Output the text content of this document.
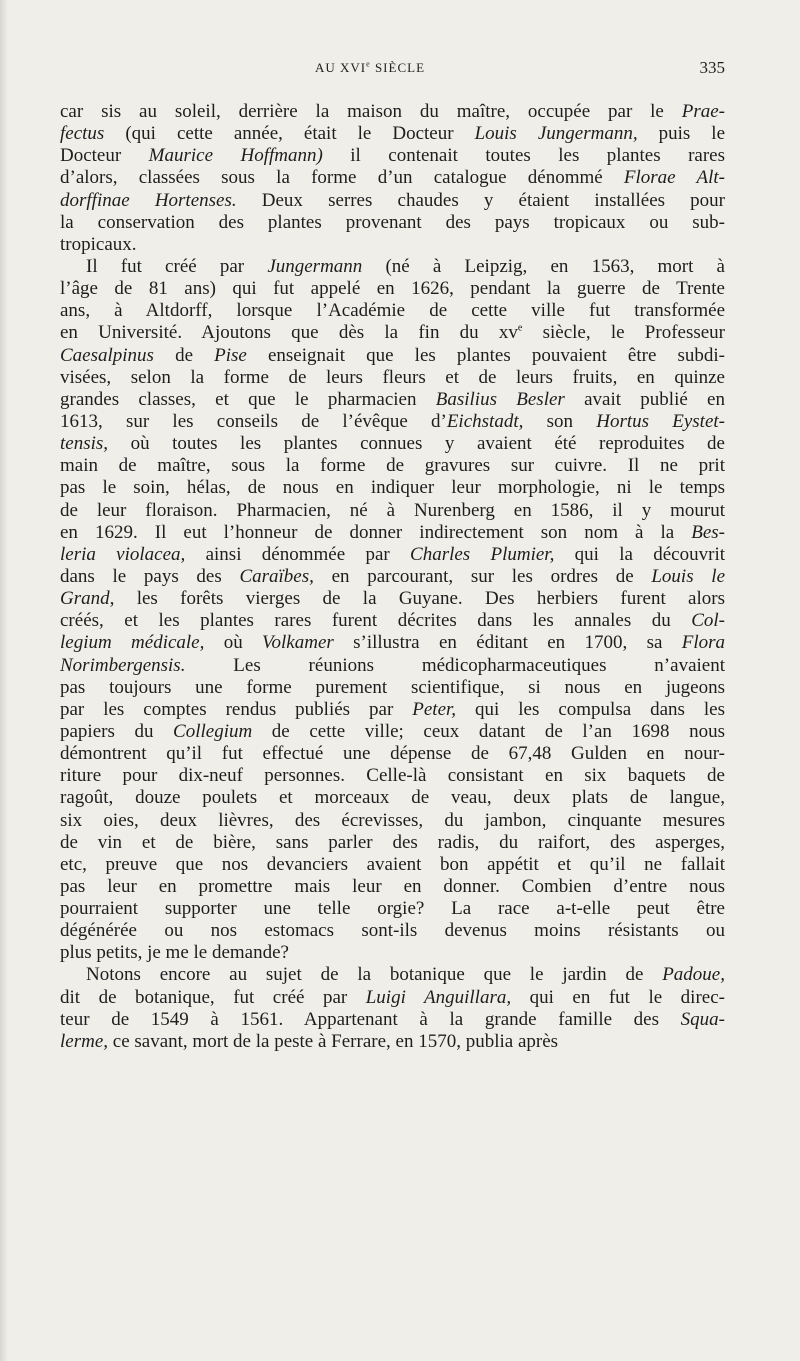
AU XVIe SIÈCLE	335
car sis au soleil, derrière la maison du maître, occupée par le Prae-
fectus (qui cette année, était le Docteur Louis Jungermann, puis le
Docteur Maurice Hoffmann) il contenait toutes les plantes rares
d’alors, classées sous la forme d’un catalogue dénommé Florae Alt-
dorffinae Hortenses. Deux serres chaudes y étaient installées pour
la conservation des plantes provenant des pays tropicaux ou sub-
tropicaux.
Il fut créé par Jungermann (né à Leipzig, en 1563, mort à
l’âge de 81 ans) qui fut appelé en 1626, pendant la guerre de Trente
ans, à Altdorff, lorsque l’Académie de cette ville fut transformée
en Université. Ajoutons que dès la fin du $xv^e$ siècle, le Professeur
Caesalpinus de Pise enseignait que les plantes pouvaient être subdi-
visées, selon la forme de leurs fleurs et de leurs fruits, en quinze
grandes classes, et que le pharmacien Basilius Besler avait publié en
1613, sur les conseils de l’évêque d’Eichstadt, son Hortus Eystet-
tensis, où toutes les plantes connues y avaient été reproduites de
main de maître, sous la forme de gravures sur cuivre. Il ne prit
pas le soin, hélas, de nous en indiquer leur morphologie, ni le temps
de leur floraison. Pharmacien, né à Nurenberg en 1586, il y mourut
en 1629. Il eut l’honneur de donner indirectement son nom à la Bes-
leria violacea, ainsi dénommée par Charles Plumier, qui la découvrit
dans le pays des Caraïbes, en parcourant, sur les ordres de Louis le
Grand, les forêts vierges de la Guyane. Des herbiers furent alors
créés, et les plantes rares furent décrites dans les annales du Col-
legium médicale, où Volkamer s’illustra en éditant en 1700, sa Flora
Norimbergensis. Les réunions médicopharmaceutiques n’avaient
pas toujours une forme purement scientifique, si nous en jugeons
par les comptes rendus publiés par Peter, qui les compulsa dans les
papiers du Collegium de cette ville; ceux datant de l’an 1698 nous
démontrent qu’il fut effectué une dépense de 67,48 Gulden en nour-
riture pour dix-neuf personnes. Celle-là consistant en six baquets de
ragoût, douze poulets et morceaux de veau, deux plats de langue,
six oies, deux lièvres, des écrevisses, du jambon, cinquante mesures
de vin et de bière, sans parler des radis, du raifort, des asperges,
etc, preuve que nos devanciers avaient bon appétit et qu’il ne fallait
pas leur en promettre mais leur en donner. Combien d’entre nous
pourraient supporter une telle orgie? La race a-t-elle peut être
dégénérée ou nos estomacs sont-ils devenus moins résistants ou
plus petits, je me le demande?
Notons encore au sujet de la botanique que le jardin de Padoue,
dit de botanique, fut créé par Luigi Anguillara, qui en fut le direc-
teur de 1549 à 1561. Appartenant à la grande famille des Squa-
lerme, ce savant, mort de la peste à Ferrare, en 1570, publia après
